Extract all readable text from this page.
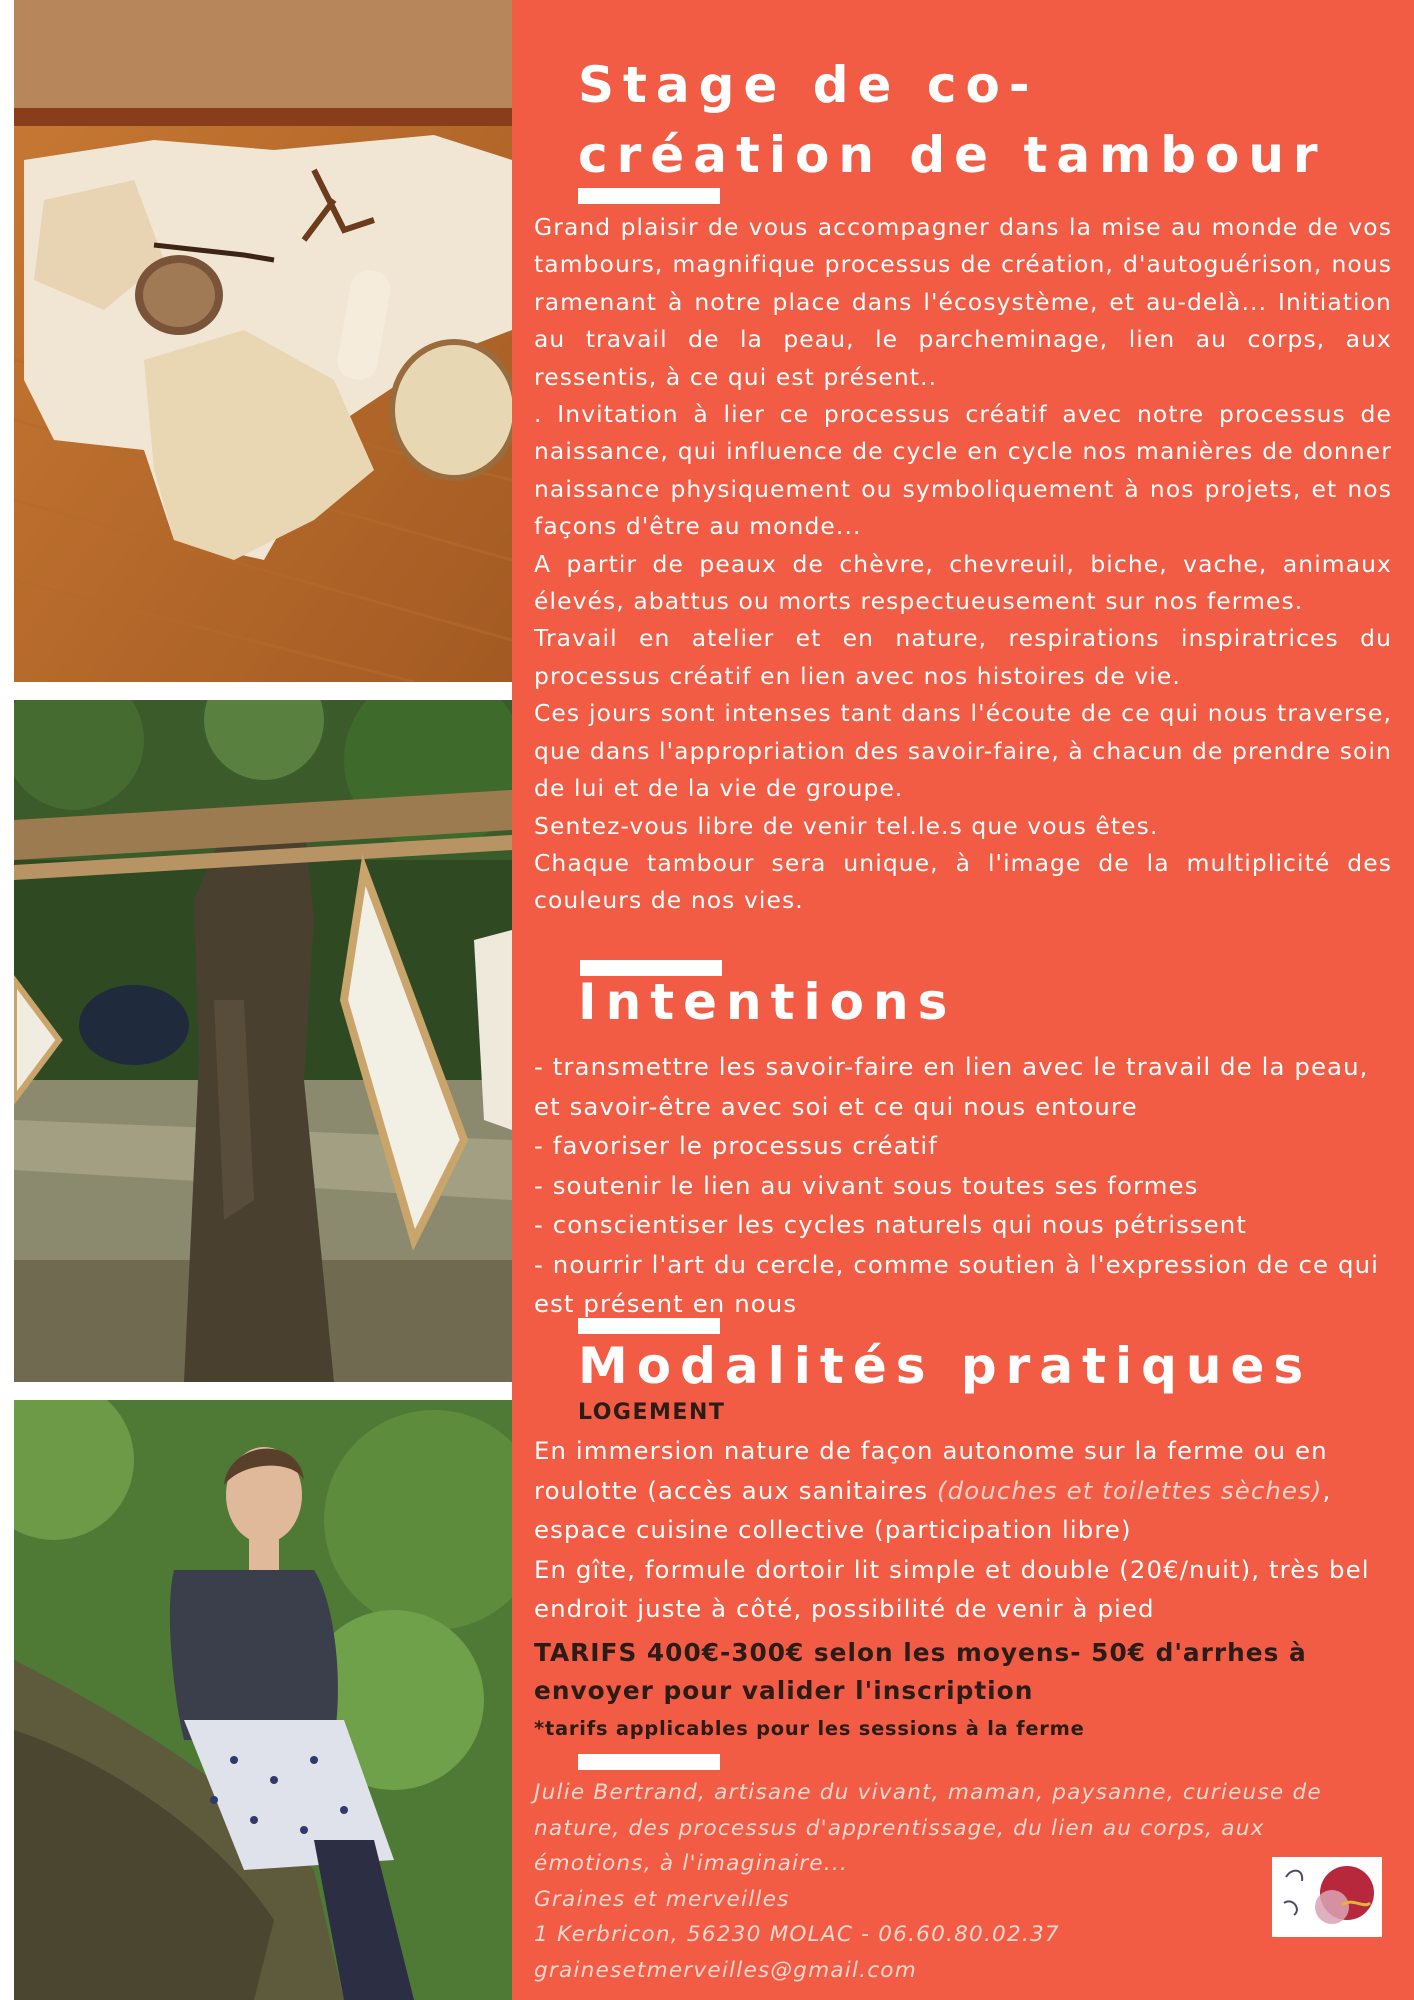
Stage de co-
création de tambour

Grand plaisir de vous accompagner dans la mise au monde de vos tambours, magnifique processus de création, d'autoguérison, nous ramenant à notre place dans l'écosystème, et au-delà... Initiation au travail de la peau, le parcheminage, lien au corps, aux ressentis, à ce qui est présent..

. Invitation à lier ce processus créatif avec notre processus de naissance, qui influence de cycle en cycle nos manières de donner naissance physiquement ou symboliquement à nos projets, et nos façons d'être au monde...

A partir de peaux de chèvre, chevreuil, biche, vache, animaux élevés, abattus ou morts respectueusement sur nos fermes.

Travail en atelier et en nature, respirations inspiratrices du processus créatif en lien avec nos histoires de vie.

Ces jours sont intenses tant dans l'écoute de ce qui nous traverse, que dans l'appropriation des savoir-faire, à chacun de prendre soin de lui et de la vie de groupe.

Sentez-vous libre de venir tel.le.s que vous êtes.

Chaque tambour sera unique, à l'image de la multiplicité des couleurs de nos vies.

Intentions

- transmettre les savoir-faire en lien avec le travail de la peau, et savoir-être avec soi et ce qui nous entoure

- favoriser le processus créatif

- soutenir le lien au vivant sous toutes ses formes

- conscientiser les cycles naturels qui nous pétrissent

- nourrir l'art du cercle, comme soutien à l'expression de ce qui est présent en nous

Modalités pratiques
LOGEMENT

En immersion nature de façon autonome sur la ferme ou en roulotte (accès aux sanitaires (douches et toilettes sèches), espace cuisine collective (participation libre)

En gîte, formule dortoir lit simple et double (20€/nuit), très bel endroit juste à côté, possibilité de venir à pied

TARIFS 400€-300€ selon les moyens- 50€ d'arrhes à envoyer pour valider l'inscription
*tarifs applicables pour les sessions à la ferme

Julie Bertrand, artisane du vivant, maman, paysanne, curieuse de nature, des processus d'apprentissage, du lien au corps, aux émotions, à l'imaginaire...

Graines et merveilles

1 Kerbricon, 56230 MOLAC - 06.60.80.02.37

grainesetmerveilles@gmail.com
